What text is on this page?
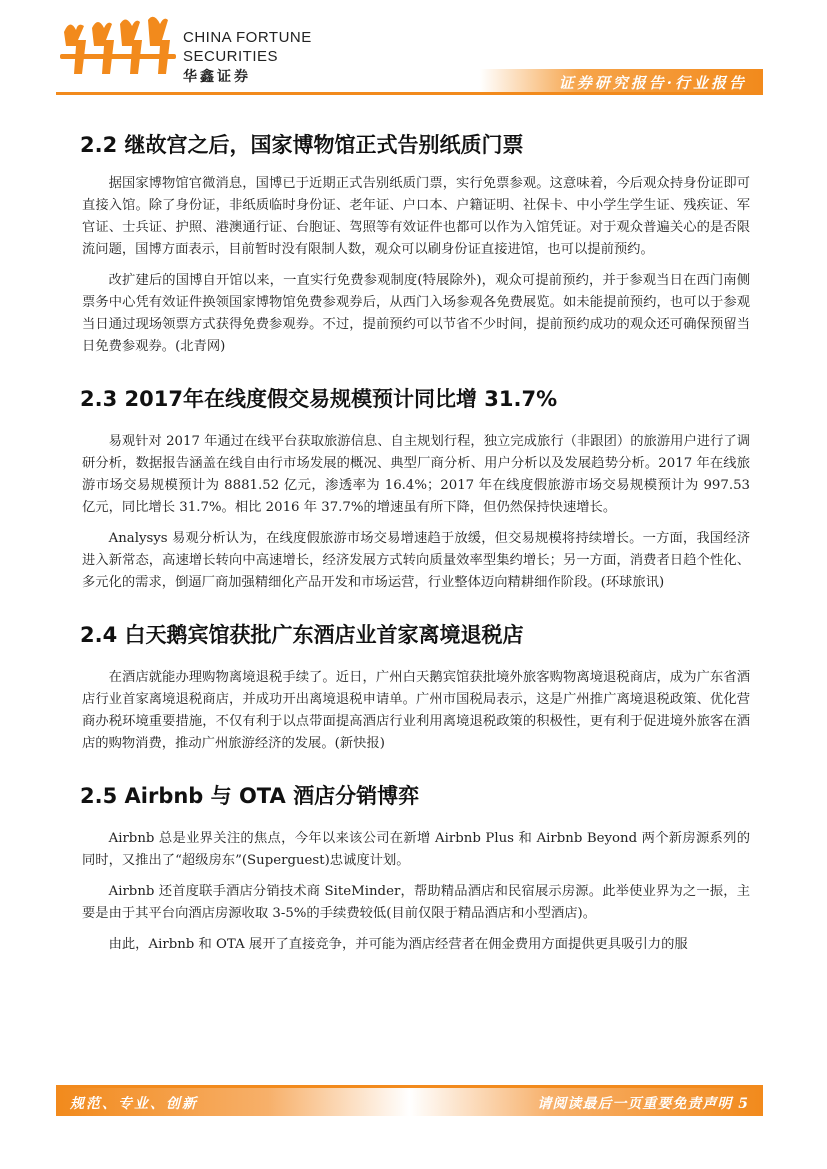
CHINA FORTUNE
SECURITIES
华鑫证券	证券研究报告·行业报告
2.2 继故宫之后，国家博物馆正式告别纸质门票

据国家博物馆官微消息，国博已于近期正式告别纸质门票，实行免票参观。这意味着，今后观众持身份证即可直接入馆。除了身份证，非纸质临时身份证、老年证、户口本、户籍证明、社保卡、中小学生学生证、残疾证、军官证、士兵证、护照、港澳通行证、台胞证、驾照等有效证件也都可以作为入馆凭证。对于观众普遍关心的是否限流问题，国博方面表示，目前暂时没有限制人数，观众可以刷身份证直接进馆，也可以提前预约。

改扩建后的国博自开馆以来，一直实行免费参观制度(特展除外)，观众可提前预约，并于参观当日在西门南侧票务中心凭有效证件换领国家博物馆免费参观券后，从西门入场参观各免费展览。如未能提前预约，也可以于参观当日通过现场领票方式获得免费参观券。不过，提前预约可以节省不少时间，提前预约成功的观众还可确保预留当日免费参观券。(北青网)

2.3 2017年在线度假交易规模预计同比增 31.7%

易观针对 2017 年通过在线平台获取旅游信息、自主规划行程，独立完成旅行（非跟团）的旅游用户进行了调研分析，数据报告涵盖在线自由行市场发展的概况、典型厂商分析、用户分析以及发展趋势分析。2017 年在线旅游市场交易规模预计为 8881.52 亿元，渗透率为 16.4%；2017 年在线度假旅游市场交易规模预计为 997.53 亿元，同比增长 31.7%。相比 2016 年 37.7%的增速虽有所下降，但仍然保持快速增长。

Analysys 易观分析认为，在线度假旅游市场交易增速趋于放缓，但交易规模将持续增长。一方面，我国经济进入新常态，高速增长转向中高速增长，经济发展方式转向质量效率型集约增长；另一方面，消费者日趋个性化、多元化的需求，倒逼厂商加强精细化产品开发和市场运营，行业整体迈向精耕细作阶段。(环球旅讯)

2.4 白天鹅宾馆获批广东酒店业首家离境退税店

在酒店就能办理购物离境退税手续了。近日，广州白天鹅宾馆获批境外旅客购物离境退税商店，成为广东省酒店行业首家离境退税商店，并成功开出离境退税申请单。广州市国税局表示，这是广州推广离境退税政策、优化营商办税环境重要措施，不仅有利于以点带面提高酒店行业利用离境退税政策的积极性，更有利于促进境外旅客在酒店的购物消费，推动广州旅游经济的发展。(新快报)

2.5 Airbnb 与 OTA 酒店分销博弈

Airbnb 总是业界关注的焦点，今年以来该公司在新增 Airbnb Plus 和 Airbnb Beyond 两个新房源系列的同时，又推出了“超级房东”(Superguest)忠诚度计划。

Airbnb 还首度联手酒店分销技术商 SiteMinder，帮助精品酒店和民宿展示房源。此举使业界为之一振，主要是由于其平台向酒店房源收取 3-5%的手续费较低(目前仅限于精品酒店和小型酒店)。

由此，Airbnb 和 OTA 展开了直接竞争，并可能为酒店经营者在佣金费用方面提供更具吸引力的服

规范、专业、创新	请阅读最后一页重要免责声明 5
